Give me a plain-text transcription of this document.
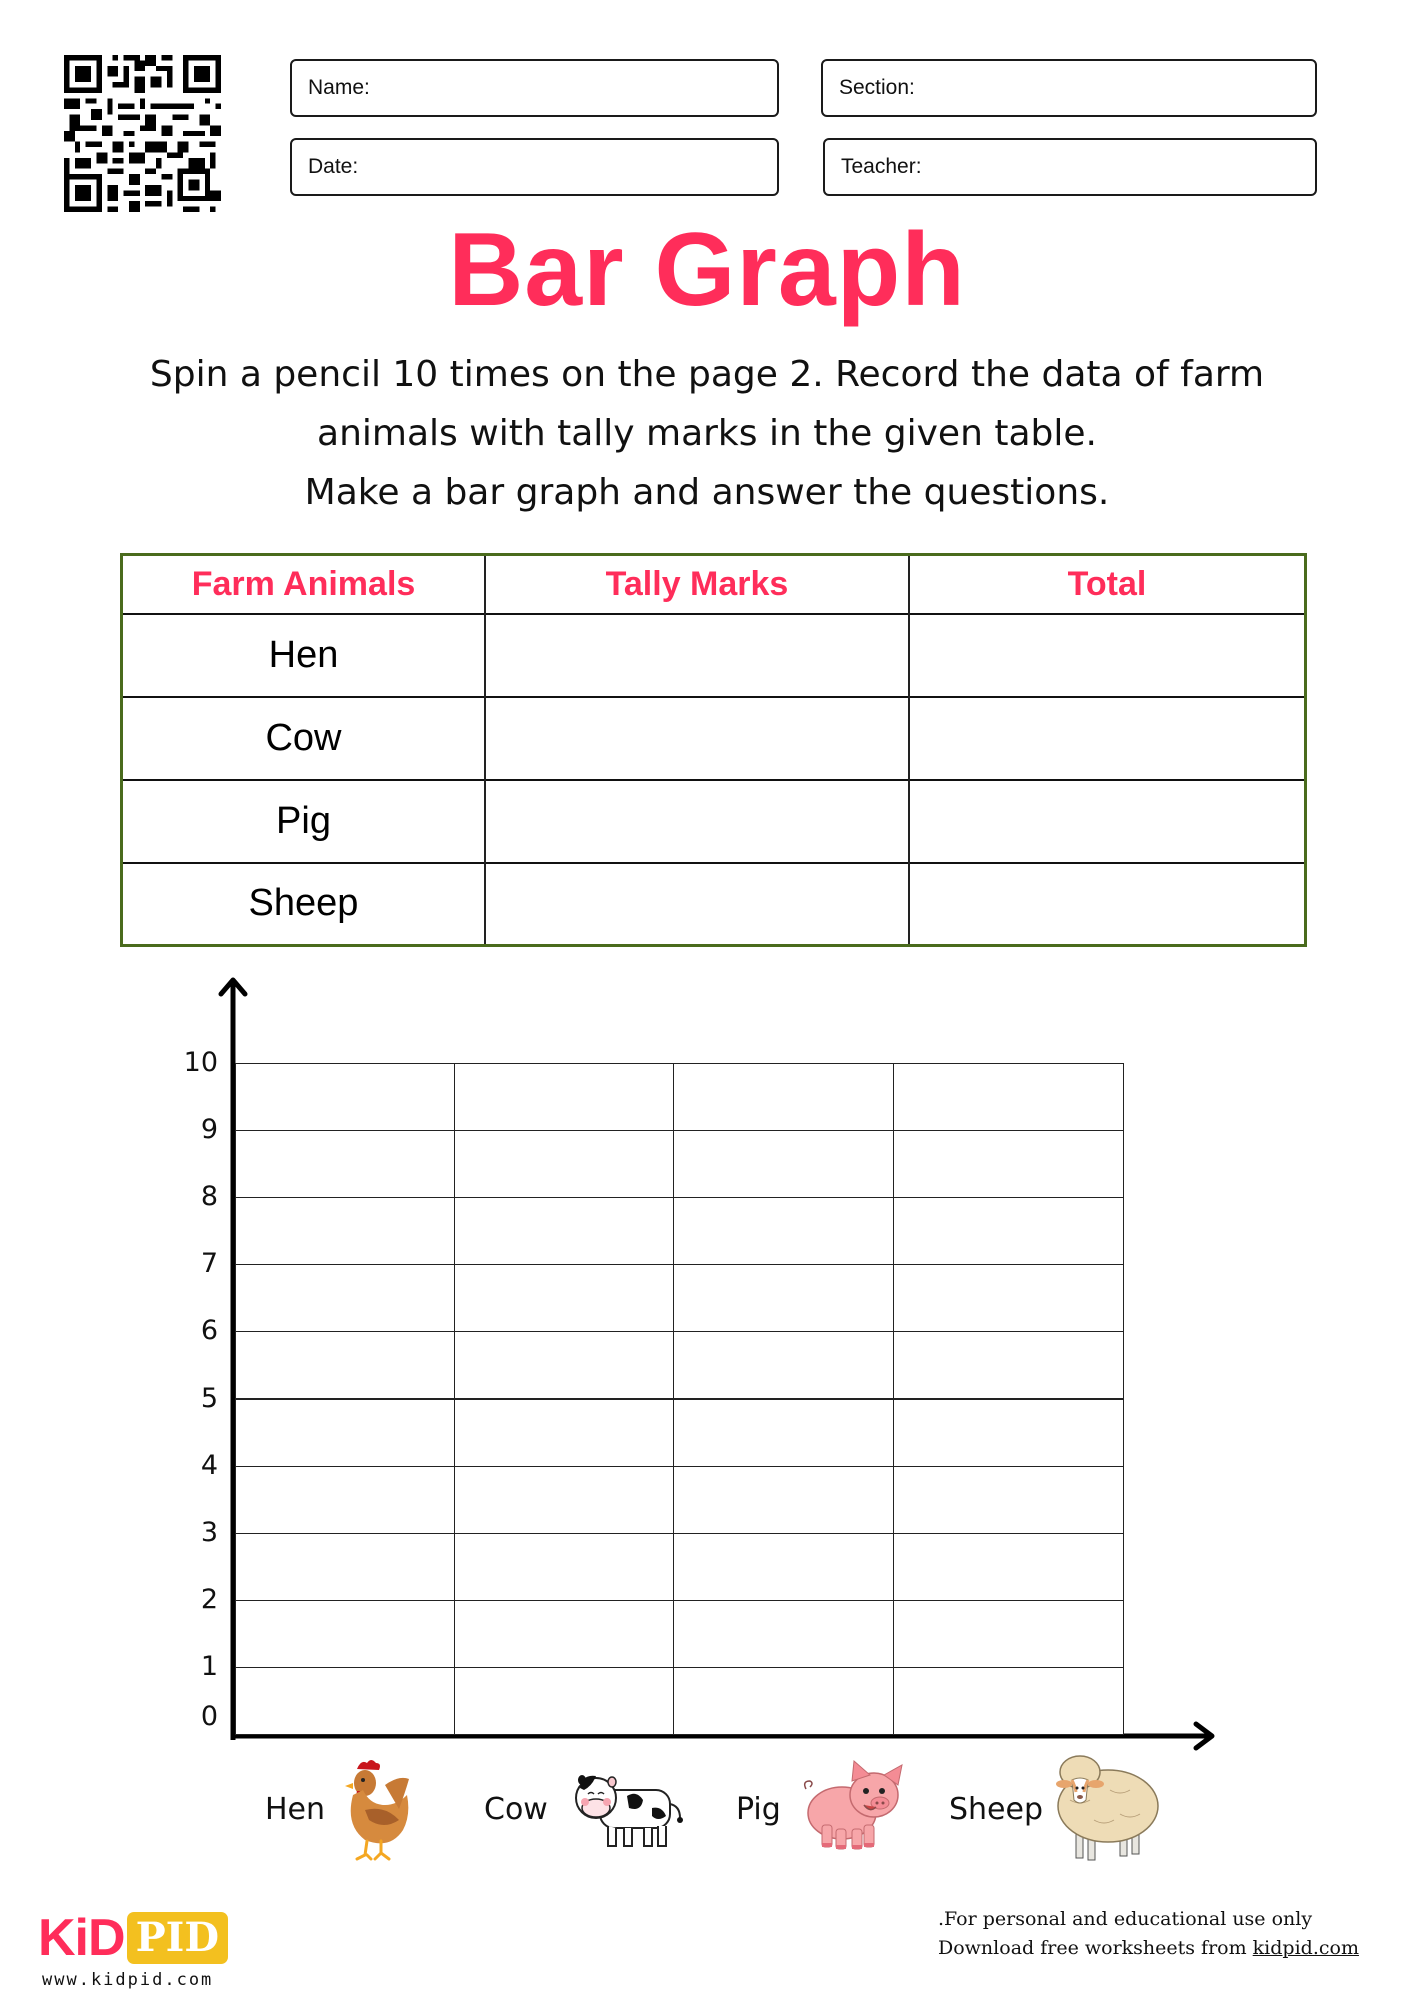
Name:
Date:
Section:
Teacher:
Bar Graph
Spin a pencil 10 times on the page 2. Record the data of farm
animals with tally marks in the given table.
Make a bar graph and answer the questions.
Farm Animals	Tally Marks	Total
Hen		
Cow		
Pig		
Sheep		
0
1
2
3
4
5
6
7
8
9
10
Hen	Cow	Pig	Sheep
KiD PID
www.kidpid.com
.For personal and educational use only
Download free worksheets from kidpid.com
